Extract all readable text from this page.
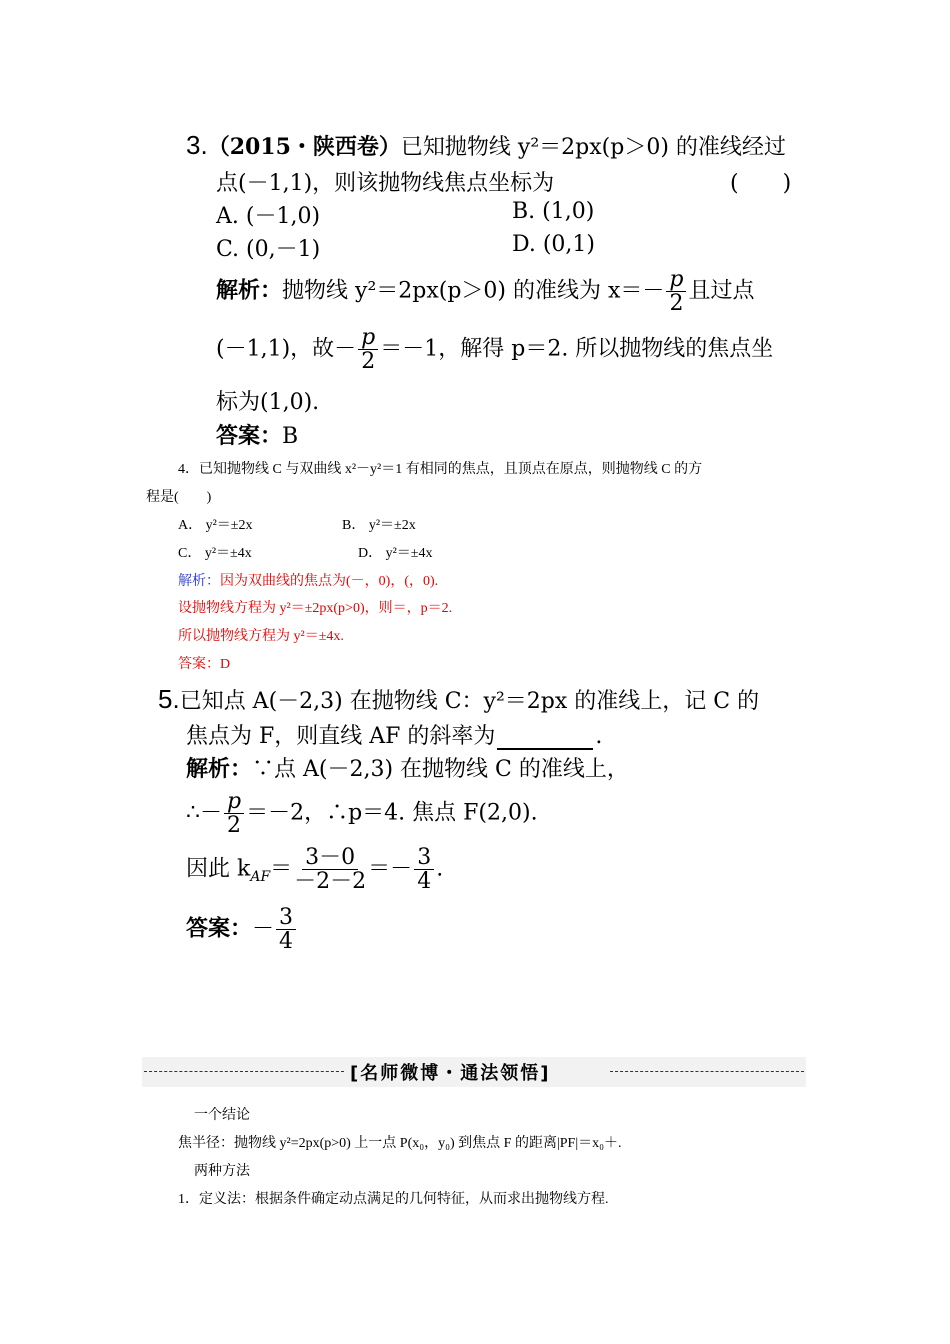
3.（2015・陕西卷）已知抛物线 y²＝2px(p＞0) 的准线经过
点(－1,1)，则该抛物线焦点坐标为	(　　)
A. (－1,0)	B. (1,0)
C. (0,－1)	D. (0,1)
解析：抛物线 y²＝2px(p＞0) 的准线为 $x=- \frac{p}{2}$ 且过点
(－1,1)，故－ $\frac{p}{2} =-1$，解得 p＝2. 所以抛物线的焦点坐
标为(1,0).
答案：B
4．已知抛物线 C 与双曲线 x²－y²＝1 有相同的焦点，且顶点在原点，则抛物线 C 的方
程是(　　)
A． y²＝±2x	B． y²＝±2x
C． y²＝±4x	D． y²＝±4x
解析：因为双曲线的焦点为(－，0)，(，0).
设抛物线方程为 y²＝±2px(p>0)，则＝，p＝2.
所以抛物线方程为 y²＝±4x.
答案：D
5.已知点 A(－2,3) 在抛物线 C：y²＝2px 的准线上，记 C 的
焦点为 F，则直线 AF 的斜率为	.
解析：∵点 A(－2,3) 在抛物线 C 的准线上，
∴－ $\frac{p}{2} =-2$，∴p＝4. 焦点 F(2,0).
因此 $k_{AF}= \frac{3-0}{-2-2} =- \frac{3}{4}$ .
答案：－ $\frac{3}{4}$
[名师微博・通法领悟]
一个结论
焦半径：抛物线 y²=2px(p>0) 上一点 P(x₀，y₀) 到焦点 F 的距离|PF|＝x₀＋.
两种方法
1．定义法：根据条件确定动点满足的几何特征，从而求出抛物线方程.
